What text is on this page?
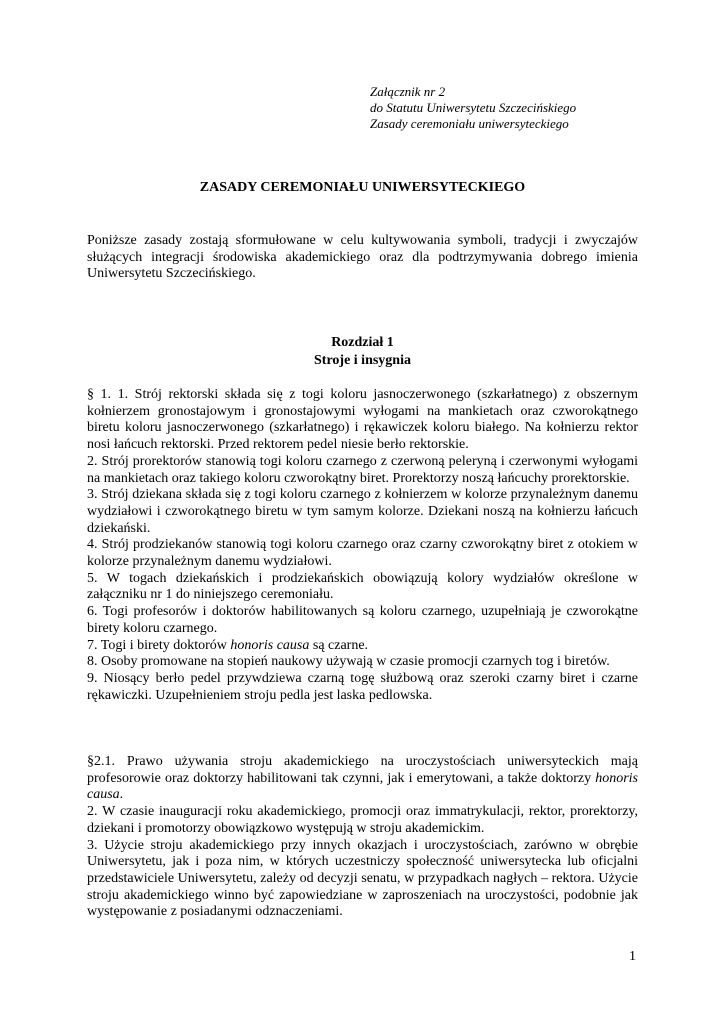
Załącznik nr 2
do Statutu Uniwersytetu Szczecińskiego
Zasady ceremoniału uniwersyteckiego
ZASADY CEREMONIAŁU UNIWERSYTECKIEGO
Poniższe zasady zostają sformułowane w celu kultywowania symboli, tradycji i zwyczajów służących integracji środowiska akademickiego oraz dla podtrzymywania dobrego imienia Uniwersytetu Szczecińskiego.
Rozdział 1
Stroje i insygnia

§ 1. 1. Strój rektorski składa się z togi koloru jasnoczerwonego (szkarłatnego) z obszernym kołnierzem gronostajowym i gronostajowymi wyłogami na mankietach oraz czworokątnego biretu koloru jasnoczerwonego (szkarłatnego) i rękawiczek koloru białego. Na kołnierzu rektor nosi łańcuch rektorski. Przed rektorem pedel niesie berło rektorskie.

2. Strój prorektorów stanowią togi koloru czarnego z czerwoną peleryną i czerwonymi wyłogami na mankietach oraz takiego koloru czworokątny biret. Prorektorzy noszą łańcuchy prorektorskie.

3. Strój dziekana składa się z togi koloru czarnego z kołnierzem w kolorze przynależnym danemu wydziałowi i czworokątnego biretu w tym samym kolorze. Dziekani noszą na kołnierzu łańcuch dziekański.

4. Strój prodziekanów stanowią togi koloru czarnego oraz czarny czworokątny biret z otokiem w kolorze przynależnym danemu wydziałowi.

5. W togach dziekańskich i prodziekańskich obowiązują kolory wydziałów określone w załączniku nr 1 do niniejszego ceremoniału.

6. Togi profesorów i doktorów habilitowanych są koloru czarnego, uzupełniają je czworokątne birety koloru czarnego.

7. Togi i birety doktorów honoris causa są czarne.

8. Osoby promowane na stopień naukowy używają w czasie promocji czarnych tog i biretów.

9. Niosący berło pedel przywdziewa czarną togę służbową oraz szeroki czarny biret i czarne rękawiczki. Uzupełnieniem stroju pedla jest laska pedlowska.

§2.1. Prawo używania stroju akademickiego na uroczystościach uniwersyteckich mają profesorowie oraz doktorzy habilitowani tak czynni, jak i emerytowani, a także doktorzy honoris causa.

2. W czasie inauguracji roku akademickiego, promocji oraz immatrykulacji, rektor, prorektorzy, dziekani i promotorzy obowiązkowo występują w stroju akademickim.

3. Użycie stroju akademickiego przy innych okazjach i uroczystościach, zarówno w obrębie Uniwersytetu, jak i poza nim, w których uczestniczy społeczność uniwersytecka lub oficjalni przedstawiciele Uniwersytetu, zależy od decyzji senatu, w przypadkach nagłych – rektora. Użycie stroju akademickiego winno być zapowiedziane w zaproszeniach na uroczystości, podobnie jak występowanie z posiadanymi odznaczeniami.

1
